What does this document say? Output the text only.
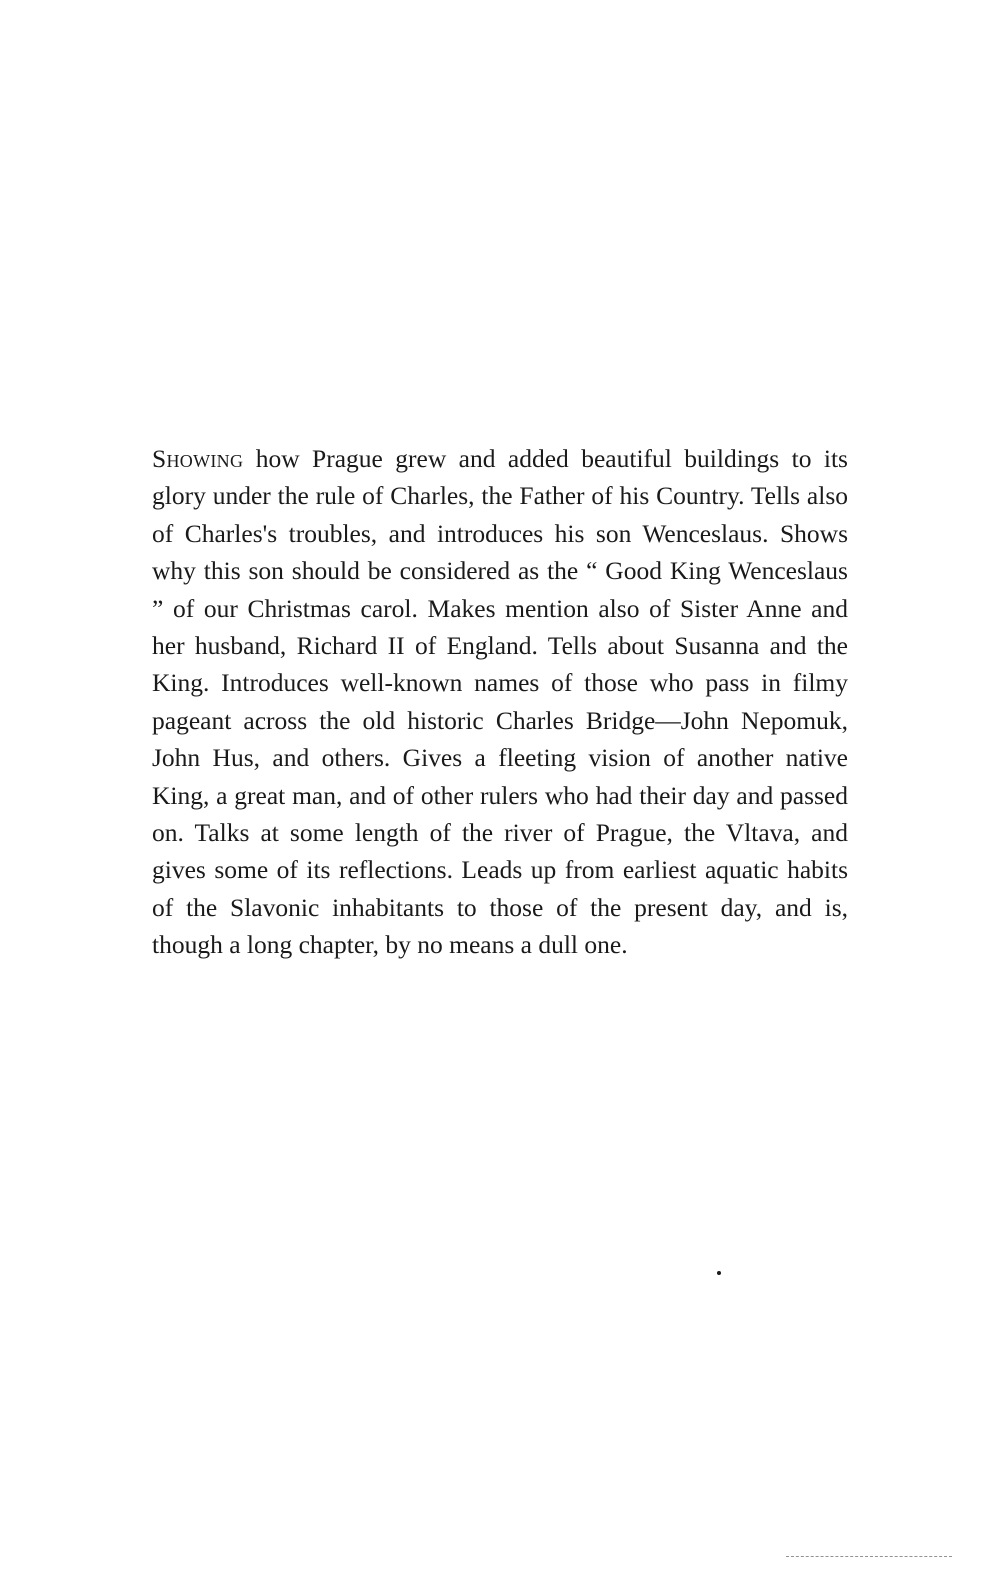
Showing how Prague grew and added beautiful buildings to its glory under the rule of Charles, the Father of his Country. Tells also of Charles's troubles, and introduces his son Wenceslaus. Shows why this son should be considered as the “ Good King Wenceslaus ” of our Christmas carol. Makes mention also of Sister Anne and her husband, Richard II of England. Tells about Susanna and the King. Introduces well-known names of those who pass in filmy pageant across the old historic Charles Bridge—John Nepomuk, John Hus, and others. Gives a fleeting vision of another native King, a great man, and of other rulers who had their day and passed on. Talks at some length of the river of Prague, the Vltava, and gives some of its reflections. Leads up from earliest aquatic habits of the Slavonic inhabitants to those of the present day, and is, though a long chapter, by no means a dull one.
